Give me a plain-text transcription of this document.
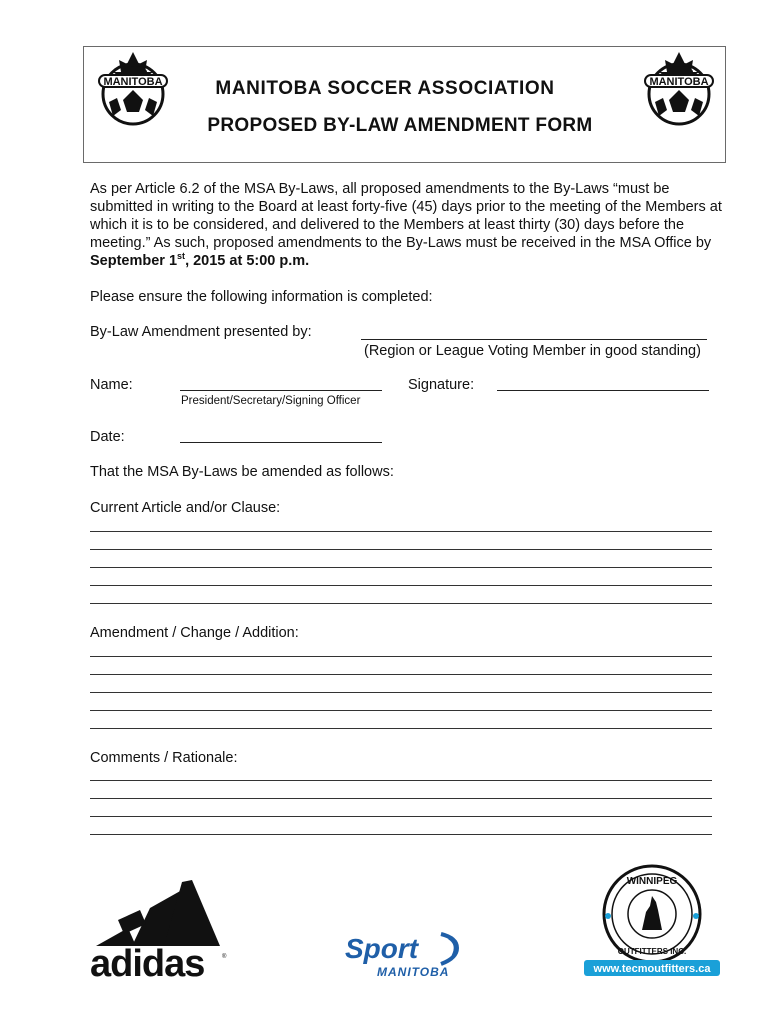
MANITOBA	MANITOBA
MANITOBA SOCCER ASSOCIATION
PROPOSED BY-LAW AMENDMENT FORM
As per Article 6.2 of the MSA By-Laws, all proposed amendments to the By-Laws “must be submitted in writing to the Board at least forty-five (45) days prior to the meeting of the Members at which it is to be considered, and delivered to the Members at least thirty (30) days before the meeting.” As such, proposed amendments to the By-Laws must be received in the MSA Office by September 1st, 2015 at 5:00 p.m.
Please ensure the following information is completed:
By-Law Amendment presented by:
(Region or League Voting Member in good standing)
Name:
President/Secretary/Signing Officer
Signature:
Date:
That the MSA By-Laws be amended as follows:
Current Article and/or Clause:
Amendment / Change / Addition:
Comments / Rationale:
adidas	®	Sport
MANITOBA
WINNIPEG
OUTFITTERS INC.
www.tecmoutfitters.ca
